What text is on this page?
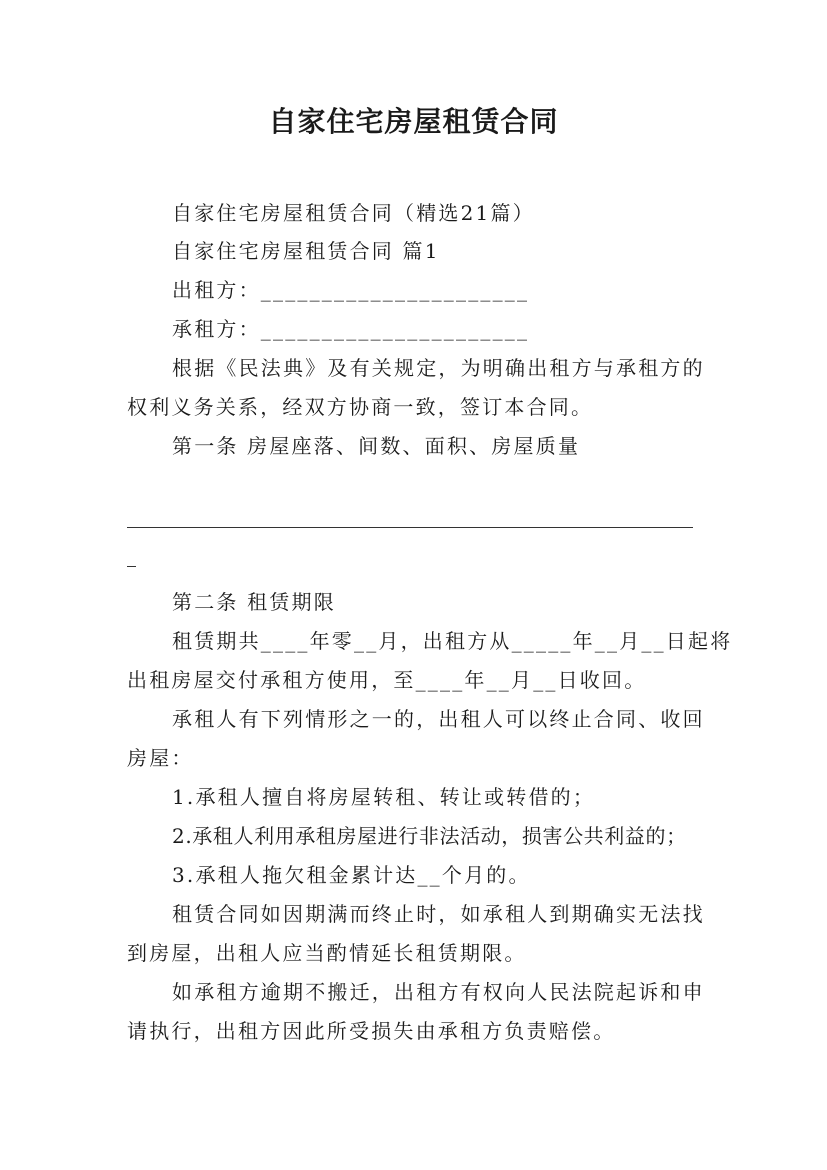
自家住宅房屋租赁合同
自家住宅房屋租赁合同（精选21篇）
自家住宅房屋租赁合同 篇1
出租方：______________________
承租方：______________________
根据《民法典》及有关规定，为明确出租方与承租方的
权利义务关系，经双方协商一致，签订本合同。
第一条 房屋座落、间数、面积、房屋质量
第二条 租赁期限
租赁期共____年零__月，出租方从_____年__月__日起将
出租房屋交付承租方使用，至____年__月__日收回。
承租人有下列情形之一的，出租人可以终止合同、收回
房屋：
1.承租人擅自将房屋转租、转让或转借的；
2.承租人利用承租房屋进行非法活动，损害公共利益的；
3.承租人拖欠租金累计达__个月的。
租赁合同如因期满而终止时，如承租人到期确实无法找
到房屋，出租人应当酌情延长租赁期限。
如承租方逾期不搬迁，出租方有权向人民法院起诉和申
请执行，出租方因此所受损失由承租方负责赔偿。
